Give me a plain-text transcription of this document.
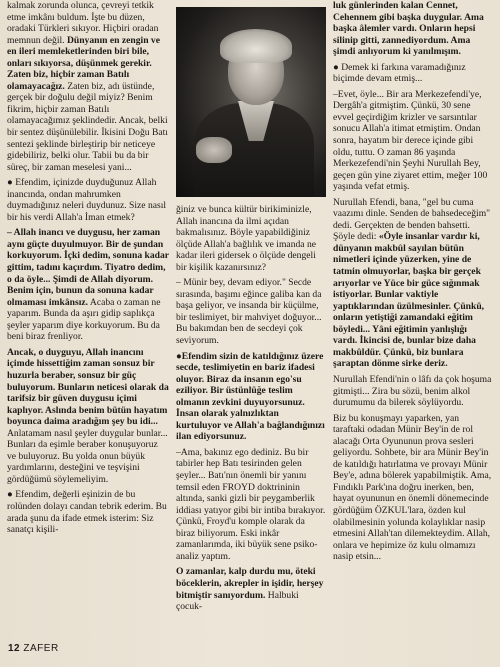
kalmak zorunda olunca, çevreyi tetkik etme imkânı buldum. İşte bu düzen, oradaki Türkleri sıkıyor. Hiçbiri oradan memnun değil. Dünyanın en zengin ve en ileri memleketlerinden biri bile, onları sıkıyorsa, düşünmek gerekir. Zaten biz, hiçbir zaman Batılı olamayacağız. Zaten biz, adı üstünde, gerçek bir doğulu değil miyiz? Benim fikrim, hiçbir zaman Batılı olamayacağımız şeklindedir. Ancak, belki bir sentez düşünülebilir. İkisini Doğu Batı sentezi şeklinde birleştirip bir neticeye gidebiliriz, belki olur. Tabii bu da bir süreç, bir zaman meselesi yani...

● Efendim, içinizde duyduğunuz Allah inancında, ondan mahrumken duymadığınız neleri duydunuz. Size nasıl bir his verdi Allah'a İman etmek?

– Allah inancı ve duygusu, her zaman aynı güçte duyulmuyor. Bir de şundan korkuyorum. İçki dedim, sonuna kadar gittim, tadını kaçırdım. Tiyatro dedim, o da öyle... Şimdi de Allah diyorum. Benim için, bunun da sonuna kadar olmaması imkânsız. Acaba o zaman ne yaparım. Bunda da aşırı gidip saplıkça şeyler yaparım diye korkuyorum. Bu da beni biraz frenliyor.

Ancak, o duyguyu, Allah inancını içimde hissettiğim zaman sonsuz bir huzurla beraber, sonsuz bir güç buluyorum. Bunların neticesi olarak da tarifsiz bir güven duygusu içimi kaplıyor. Aslında benim bütün hayatım boyunca daima aradığım şey bu idi... Anlatamam nasıl şeyler duygular bunlar... Bunları da eşimle beraber konuşuyoruz ve buluyoruz. Bu yolda onun büyük yardımlarını, desteğini ve teşvişini gördüğümü söylemeliyim.

● Efendim, değerli eşinizin de bu rolünden dolayı candan tebrik ederim. Bu arada şunu da ifade etmek isterim: Siz sanatçı kişili-

ğiniz ve bunca kültür birikiminizle, Allah inancına da ilmi açıdan bakmalısınız. Böyle yapabildiğiniz ölçüde Allah'a bağlılık ve imanda ne kadar ileri gidersek o ölçüde dengeli bir kişilik kazanırsınız?

– Münir bey, devam ediyor." Secde sırasında, başımı eğince galiba kan da başa geliyor, ve insanda bir küçülme, bir teslimiyet, bir mahviyet doğuyor... Bu bakımdan ben de secdeyi çok seviyorum.

●Efendim sizin de katıldığınız üzere secde, teslimiyetin en bariz ifadesi oluyor. Biraz da insanın ego'su eziliyor. Bir üstünlüğe teslim olmanın zevkini duyuyorsunuz. İnsan olarak yalnızlıktan kurtuluyor ve Allah'a bağlandığınızı ilan ediyorsunuz.

–Ama, bakınız ego dediniz. Bu bir tabirler hep Batı tesirinden gelen şeyler... Batı'nın önemli bir yanını temsil eden FROYD doktrininin altında, sanki gizli bir peygamberlik iddiası yatıyor gibi bir intiba bırakıyor. Çünkü, Froyd'u komple olarak da biraz biliyorum. Eski inkâr zamanlarımda, iki büyük sene psiko-analiz yaptım.

O zamanlar, kalp durdu mu, öteki böceklerin, akrepler in işidir, herşey bitmiştir sanıyordum. Halbuki çocuk-

luk günlerinden kalan Cennet, Cehennem gibi başka duygular. Ama başka âlemler vardı. Onların hepsi silinip gitti, zannediyordum. Ama şimdi anlıyorum ki yanılmışım.

● Demek ki farkına varamadığınız biçimde devam etmiş...

–Evet, öyle... Bir ara Merkezefendi'ye, Dergâh'a gitmiştim. Çünkü, 30 sene evvel geçirdiğim krizler ve sarsıntılar sonucu Allah'a itimat etmiştim. Ondan sonra, hayatım bir derece içinde gibi oldu, tuttu. O zaman 86 yaşında Merkezefendi'nin Şeyhi Nurullah Bey, geçen gün yine ziyaret ettim, meğer 100 yaşında vefat etmiş.

Nurullah Efendi, bana, "gel bu cuma vaazımı dinle. Senden de bahsedeceğim" dedi. Gerçekten de benden bahsetti. Şöyle dedi: «Öyle insanlar vardır ki, dünyanın makbûl sayılan bütün nimetleri içinde yüzerken, yine de tatmin olmuyorlar, başka bir gerçek arıyorlar ve Yüce bir güce sığınmak istiyorlar. Bunlar vaktiyle yaptıklarından üzülmesinler. Çünkü, onların yetiştiği zamandaki eğitim böyledi... Yâni eğitimin yanlışlığı vardı. İkincisi de, bunlar bize daha makbûldür. Çünkü, biz bunlara şaraptan dönme sirke deriz.

Nurullah Efendi'nin o lâfı da çok hoşuma gitmişti... Zira bu sözü, benim alkol durumumu da bilerek söylüyordu.

Biz bu konuşmayı yaparken, yan taraftaki odadan Münir Bey'in de rol alacağı Orta Oyununun prova sesleri geliyordu. Sohbete, bir ara Münir Bey'in de katıldığı hatırlatma ve provayı Münir Bey'e, adına bölerek yapabilmiştik. Ama, Fındıklı Park'ına doğru inerken, ben, hayat oyununun en önemli dönemecinde gördüğüm ÖZKUL'lara, özden kul olabilmesinin yolunda kolaylıklar nasip etmesini Allah'tan dilemekteydim. Allah, onlara ve hepimize öz kulu olmamızı nasip etsin...

12 ZAFER
